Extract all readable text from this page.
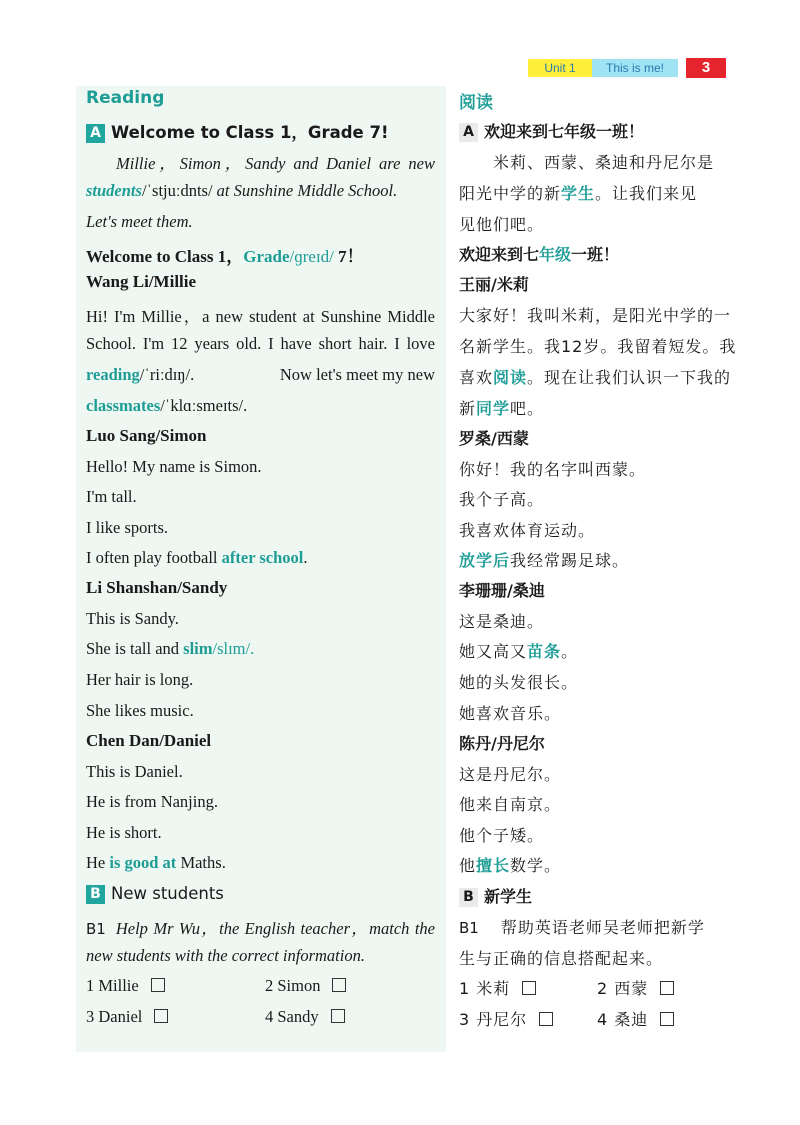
Unit 1	This is me!	3
Reading
A Welcome to Class 1，Grade 7!
Millie，Simon，Sandy and Daniel are new
students/ˈstjuːdnts/ at Sunshine Middle School.
Let's meet them.
Welcome to Class 1，Grade/ɡreɪd/ 7！
Wang Li/Millie
Hi! I'm Millie，a new student at Sunshine Middle
School. I'm 12 years old. I have short hair. I love
reading/ˈriːdɪŋ/.	Now let's meet my new
classmates/ˈklɑːsmeɪts/.
Luo Sang/Simon
Hello! My name is Simon.
I'm tall.
I like sports.
I often play football after school.
Li Shanshan/Sandy
This is Sandy.
She is tall and slim/slɪm/.
Her hair is long.
She likes music.
Chen Dan/Daniel
This is Daniel.
He is from Nanjing.
He is short.
He is good at Maths.
B New students
B1 Help Mr Wu，the English teacher，match the
new students with the correct information.
1 Millie	2 Simon
3 Daniel	4 Sandy
阅读
A 欢迎来到七年级一班！
米莉、西蒙、桑迪和丹尼尔是
阳光中学的新学生。让我们来见
见他们吧。
欢迎来到七年级一班！
王丽/米莉
大家好！我叫米莉，是阳光中学的一
名新学生。我12岁。我留着短发。我
喜欢阅读。现在让我们认识一下我的
新同学吧。
罗桑/西蒙
你好！我的名字叫西蒙。
我个子高。
我喜欢体育运动。
放学后我经常踢足球。
李珊珊/桑迪
这是桑迪。
她又高又苗条。
她的头发很长。
她喜欢音乐。
陈丹/丹尼尔
这是丹尼尔。
他来自南京。
他个子矮。
他擅长数学。
B 新学生
B1 帮助英语老师吴老师把新学
生与正确的信息搭配起来。
1 米莉	2 西蒙
3 丹尼尔	4 桑迪
